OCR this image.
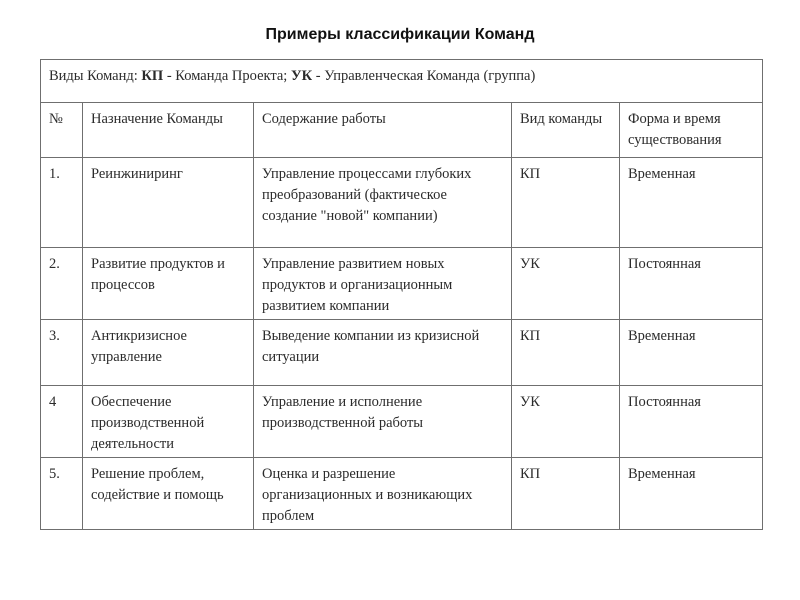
Примеры классификации Команд
Виды Команд: КП - Команда Проекта; УК - Управленческая Команда (группа)				
№	Назначение Команды	Содержание работы	Вид команды	Форма и время существования
1.	Реинжиниринг	Управление процессами глубоких преобразований (фактическое создание "новой" компании)	КП	Временная
2.	Развитие продуктов и процессов	Управление развитием новых продуктов и организационным развитием компании	УК	Постоянная
3.	Антикризисное управление	Выведение компании из кризисной ситуации	КП	Временная
4	Обеспечение производственной деятельности	Управление и исполнение производственной работы	УК	Постоянная
5.	Решение проблем, содействие и помощь	Оценка и разрешение организационных и возникающих проблем	КП	Временная
